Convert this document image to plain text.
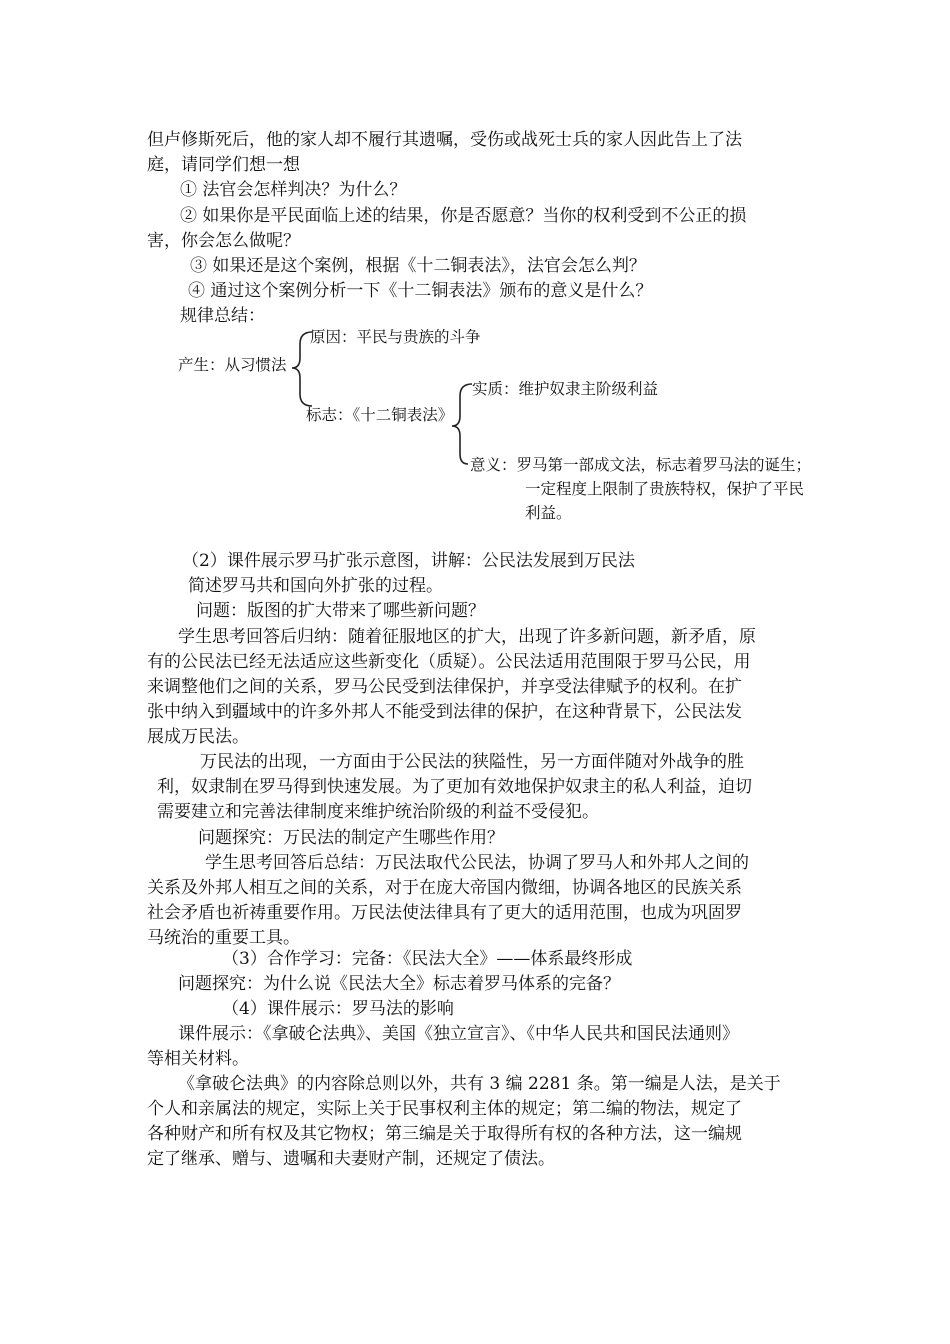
但卢修斯死后，他的家人却不履行其遗嘱，受伤或战死士兵的家人因此告上了法
庭，请同学们想一想
① 法官会怎样判决？为什么？
② 如果你是平民面临上述的结果，你是否愿意？当你的权利受到不公正的损
害，你会怎么做呢？
③ 如果还是这个案例，根据《十二铜表法》，法官会怎么判？
④ 通过这个案例分析一下《十二铜表法》颁布的意义是什么？
规律总结：
产生：从习惯法
原因：平民与贵族的斗争
标志：《十二铜表法》
实质：维护奴隶主阶级利益
意义：罗马第一部成文法，标志着罗马法的诞生；
一定程度上限制了贵族特权，保护了平民
利益。
（2）课件展示罗马扩张示意图，讲解：公民法发展到万民法
简述罗马共和国向外扩张的过程。
问题：版图的扩大带来了哪些新问题？
学生思考回答后归纳：随着征服地区的扩大，出现了许多新问题，新矛盾，原
有的公民法已经无法适应这些新变化（质疑）。公民法适用范围限于罗马公民，用
来调整他们之间的关系，罗马公民受到法律保护，并享受法律赋予的权利。在扩
张中纳入到疆域中的许多外邦人不能受到法律的保护，在这种背景下，公民法发
展成万民法。
万民法的出现，一方面由于公民法的狭隘性，另一方面伴随对外战争的胜
利，奴隶制在罗马得到快速发展。为了更加有效地保护奴隶主的私人利益，迫切
需要建立和完善法律制度来维护统治阶级的利益不受侵犯。
问题探究：万民法的制定产生哪些作用？
学生思考回答后总结：万民法取代公民法，协调了罗马人和外邦人之间的
关系及外邦人相互之间的关系，对于在庞大帝国内微细，协调各地区的民族关系
社会矛盾也祈祷重要作用。万民法使法律具有了更大的适用范围，也成为巩固罗
马统治的重要工具。
（3）合作学习：完备：《民法大全》——体系最终形成
问题探究：为什么说《民法大全》标志着罗马体系的完备？
（4）课件展示：罗马法的影响
课件展示：《拿破仑法典》、美国《独立宣言》、《中华人民共和国民法通则》
等相关材料。
《拿破仑法典》的内容除总则以外，共有 3 编 2281 条。第一编是人法，是关于
个人和亲属法的规定，实际上关于民事权利主体的规定；第二编的物法，规定了
各种财产和所有权及其它物权；第三编是关于取得所有权的各种方法，这一编规
定了继承、赠与、遗嘱和夫妻财产制，还规定了债法。
